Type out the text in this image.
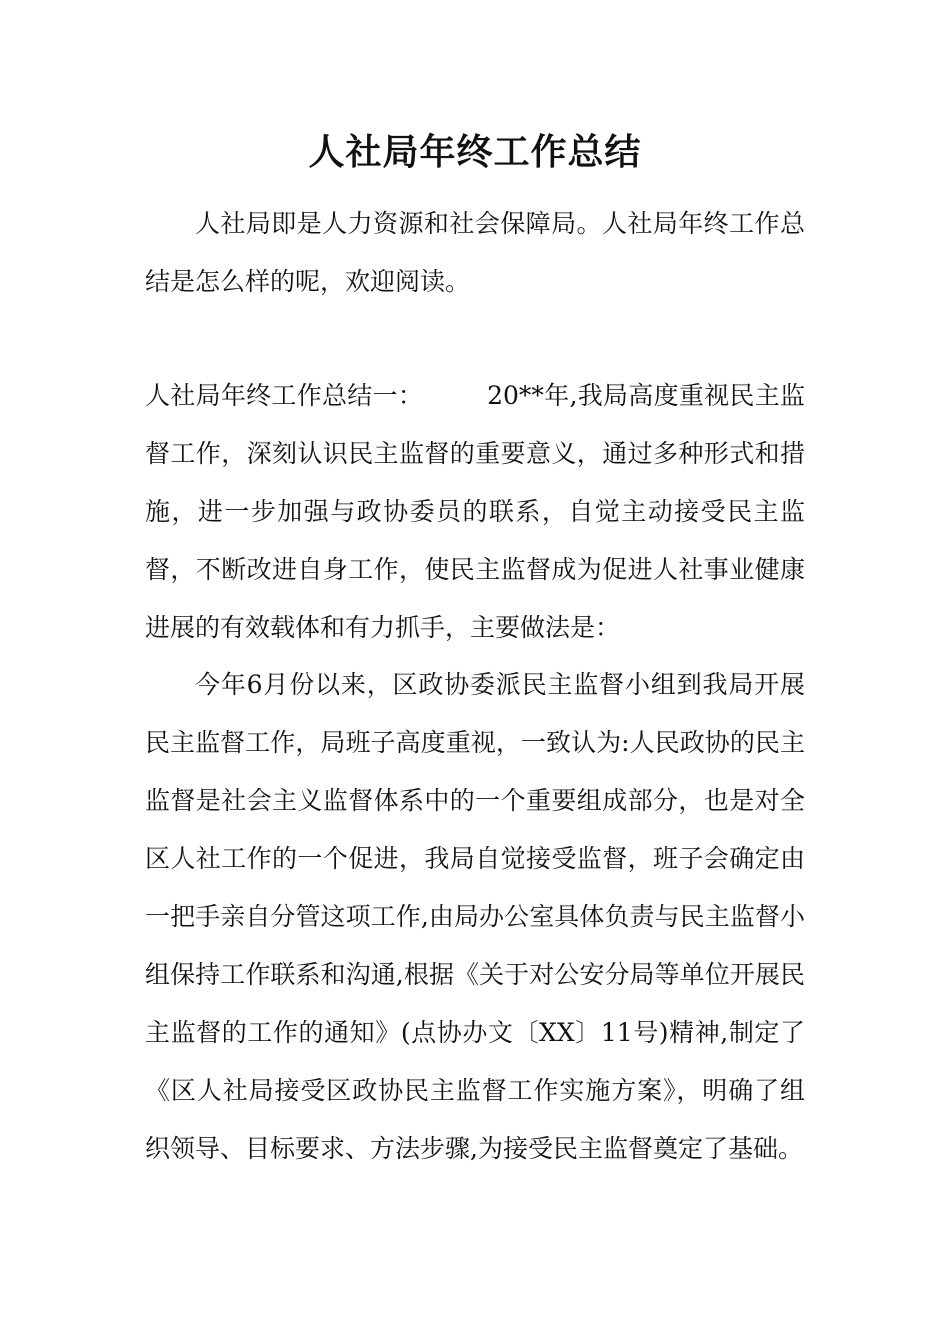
人社局年终工作总结

人社局即是人力资源和社会保障局。人社局年终工作总结是怎么样的呢，欢迎阅读。

人社局年终工作总结一：	20**年,我局高度重视民主监督工作，深刻认识民主监督的重要意义，通过多种形式和措施，进一步加强与政协委员的联系，自觉主动接受民主监督，不断改进自身工作，使民主监督成为促进人社事业健康进展的有效载体和有力抓手，主要做法是：

今年6月份以来，区政协委派民主监督小组到我局开展民主监督工作，局班子高度重视，一致认为:人民政协的民主监督是社会主义监督体系中的一个重要组成部分，也是对全区人社工作的一个促进，我局自觉接受监督，班子会确定由一把手亲自分管这项工作,由局办公室具体负责与民主监督小组保持工作联系和沟通,根据《关于对公安分局等单位开展民主监督的工作的通知》(点协办文〔XX〕11号)精神,制定了《区人社局接受区政协民主监督工作实施方案》，明确了组织领导、目标要求、方法步骤,为接受民主监督奠定了基础。
